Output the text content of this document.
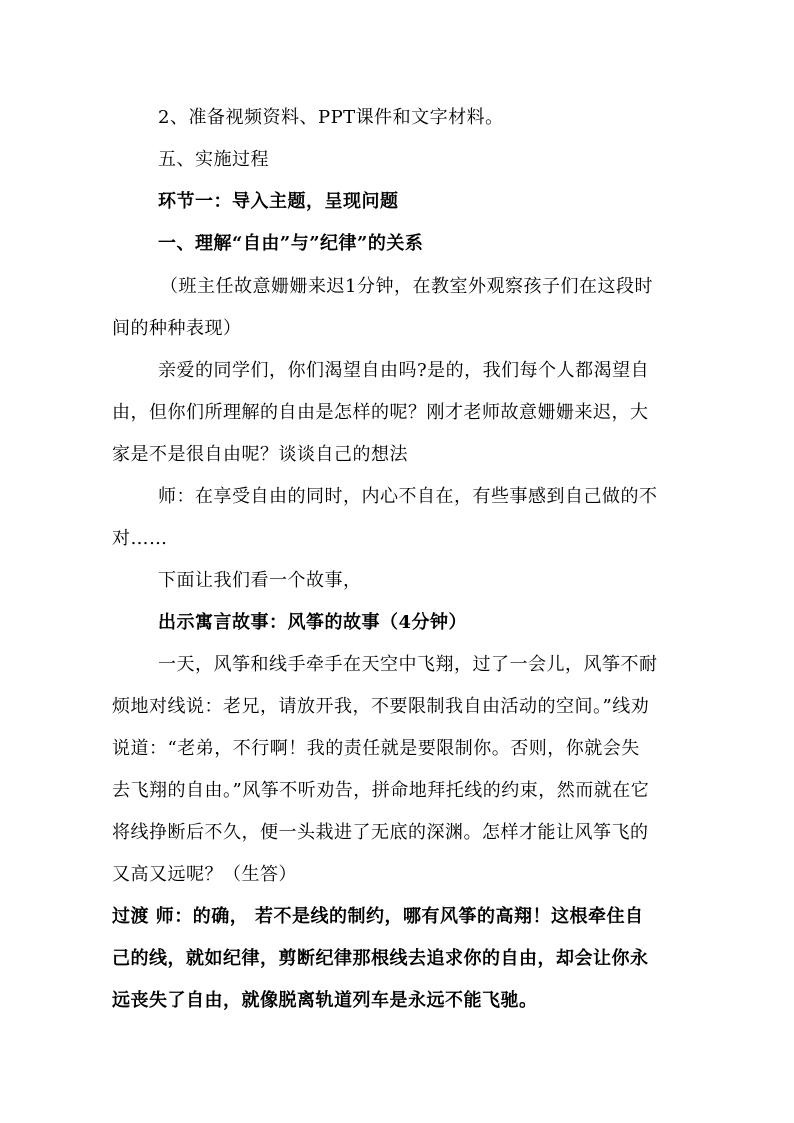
2、准备视频资料、PPT课件和文字材料。
五、实施过程
环节一：导入主题，呈现问题
一、理解“自由”与”纪律”的关系
（班主任故意姗姗来迟1分钟，在教室外观察孩子们在这段时
间的种种表现）
亲爱的同学们，你们渴望自由吗?是的，我们每个人都渴望自
由，但你们所理解的自由是怎样的呢？刚才老师故意姗姗来迟，大
家是不是很自由呢？谈谈自己的想法
师：在享受自由的同时，内心不自在，有些事感到自己做的不
对……
下面让我们看一个故事，
出示寓言故事：风筝的故事（4分钟）
一天，风筝和线手牵手在天空中飞翔，过了一会儿，风筝不耐
烦地对线说：老兄，请放开我，不要限制我自由活动的空间。”线劝
说道：“老弟，不行啊！我的责任就是要限制你。否则，你就会失
去飞翔的自由。”风筝不听劝告，拼命地拜托线的约束，然而就在它
将线挣断后不久，便一头栽进了无底的深渊。怎样才能让风筝飞的
又高又远呢？（生答）
过渡 师：的确， 若不是线的制约，哪有风筝的高翔！这根牵住自
己的线，就如纪律，剪断纪律那根线去追求你的自由，却会让你永
远丧失了自由，就像脱离轨道列车是永远不能飞驰。
